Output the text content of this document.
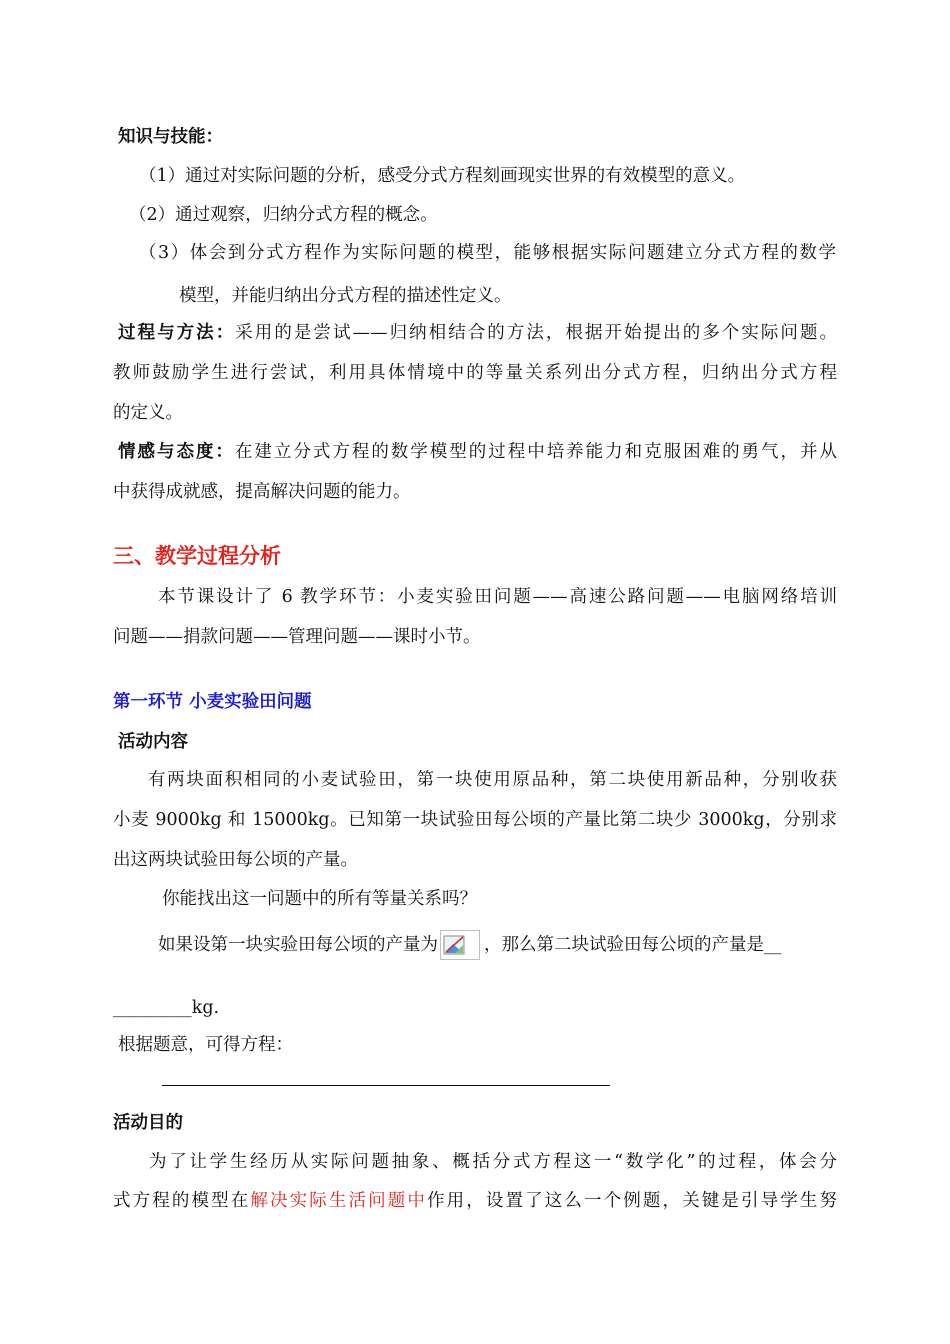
知识与技能：
（1）通过对实际问题的分析，感受分式方程刻画现实世界的有效模型的意义。
（2）通过观察，归纳分式方程的概念。
（3）体会到分式方程作为实际问题的模型，能够根据实际问题建立分式方程的数学
模型，并能归纳出分式方程的描述性定义。
过程与方法：采用的是尝试——归纳相结合的方法，根据开始提出的多个实际问题。
教师鼓励学生进行尝试，利用具体情境中的等量关系列出分式方程，归纳出分式方程
的定义。
情感与态度：在建立分式方程的数学模型的过程中培养能力和克服困难的勇气，并从
中获得成就感，提高解决问题的能力。
三、教学过程分析
本节课设计了 6 教学环节：小麦实验田问题——高速公路问题——电脑网络培训
问题——捐款问题——管理问题——课时小节。
第一环节 小麦实验田问题
活动内容
有两块面积相同的小麦试验田，第一块使用原品种，第二块使用新品种，分别收获
小麦 9000kg 和 15000kg。已知第一块试验田每公顷的产量比第二块少 3000kg，分别求
出这两块试验田每公顷的产量。
你能找出这一问题中的所有等量关系吗？
如果设第一块实验田每公顷的产量为	，那么第二块试验田每公顷的产量是__
_________kg.
根据题意，可得方程：
活动目的
为了让学生经历从实际问题抽象、概括分式方程这一“数学化”的过程，体会分
式方程的模型在解决实际生活问题中作用，设置了这么一个例题，关键是引导学生努
